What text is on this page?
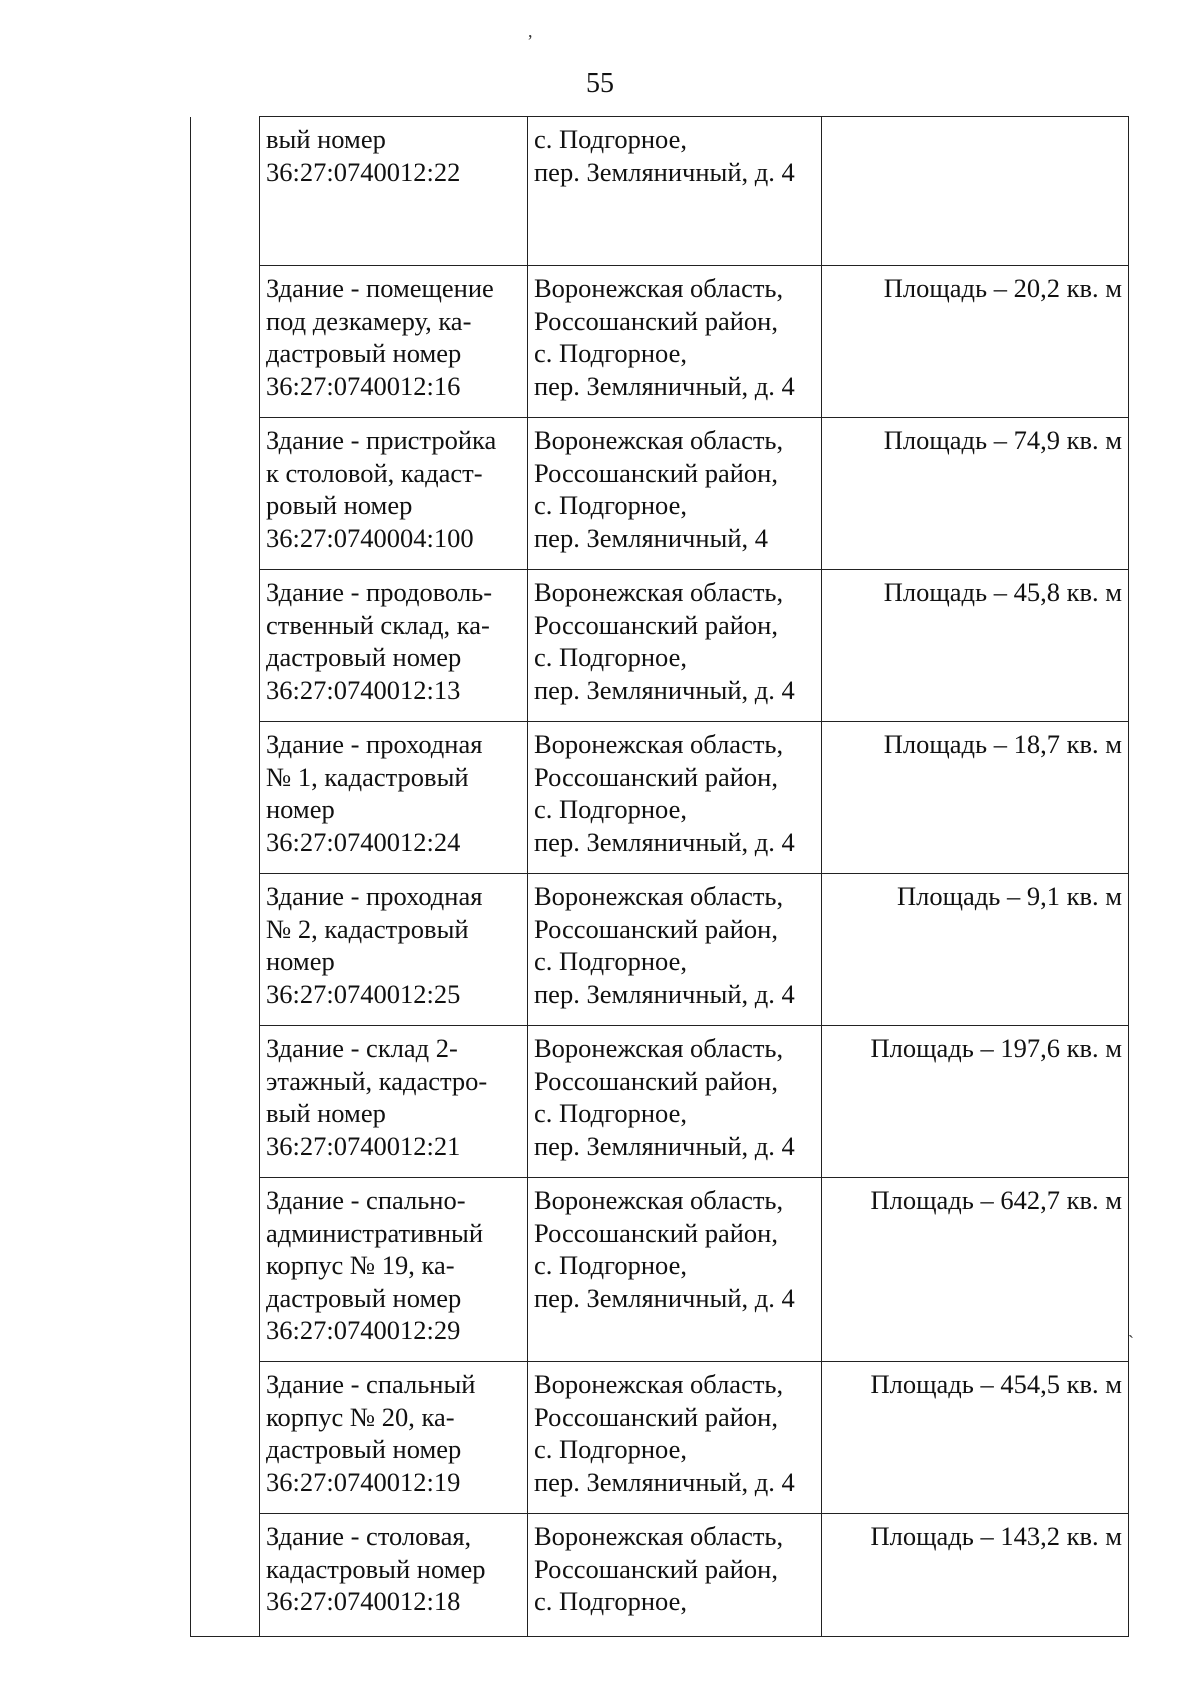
,
55
`

	вый номер
36:27:0740012:22	с. Подгорное,
пер. Земляничный, д. 4	

	Здание - помещение
под дезкамеру, ка-
дастровый номер
36:27:0740012:16	Воронежская область,
Россошанский район,
с. Подгорное,
пер. Земляничный, д. 4	Площадь – 20,2 кв. м

	Здание - пристройка
к столовой, кадаст-
ровый номер
36:27:0740004:100	Воронежская область,
Россошанский район,
с. Подгорное,
пер. Земляничный, 4	Площадь – 74,9 кв. м

	Здание - продоволь-
ственный склад, ка-
дастровый номер
36:27:0740012:13	Воронежская область,
Россошанский район,
с. Подгорное,
пер. Земляничный, д. 4	Площадь – 45,8 кв. м

	Здание - проходная
№ 1, кадастровый
номер
36:27:0740012:24	Воронежская область,
Россошанский район,
с. Подгорное,
пер. Земляничный, д. 4	Площадь – 18,7 кв. м

	Здание - проходная
№ 2, кадастровый
номер
36:27:0740012:25	Воронежская область,
Россошанский район,
с. Подгорное,
пер. Земляничный, д. 4	Площадь – 9,1 кв. м

	Здание - склад 2-
этажный, кадастро-
вый номер
36:27:0740012:21	Воронежская область,
Россошанский район,
с. Подгорное,
пер. Земляничный, д. 4	Площадь – 197,6 кв. м

	Здание - спально-
административный
корпус № 19, ка-
дастровый номер
36:27:0740012:29	Воронежская область,
Россошанский район,
с. Подгорное,
пер. Земляничный, д. 4	Площадь – 642,7 кв. м

	Здание - спальный
корпус № 20, ка-
дастровый номер
36:27:0740012:19	Воронежская область,
Россошанский район,
с. Подгорное,
пер. Земляничный, д. 4	Площадь – 454,5 кв. м

	Здание - столовая,
кадастровый номер
36:27:0740012:18	Воронежская область,
Россошанский район,
с. Подгорное,	Площадь – 143,2 кв. м
